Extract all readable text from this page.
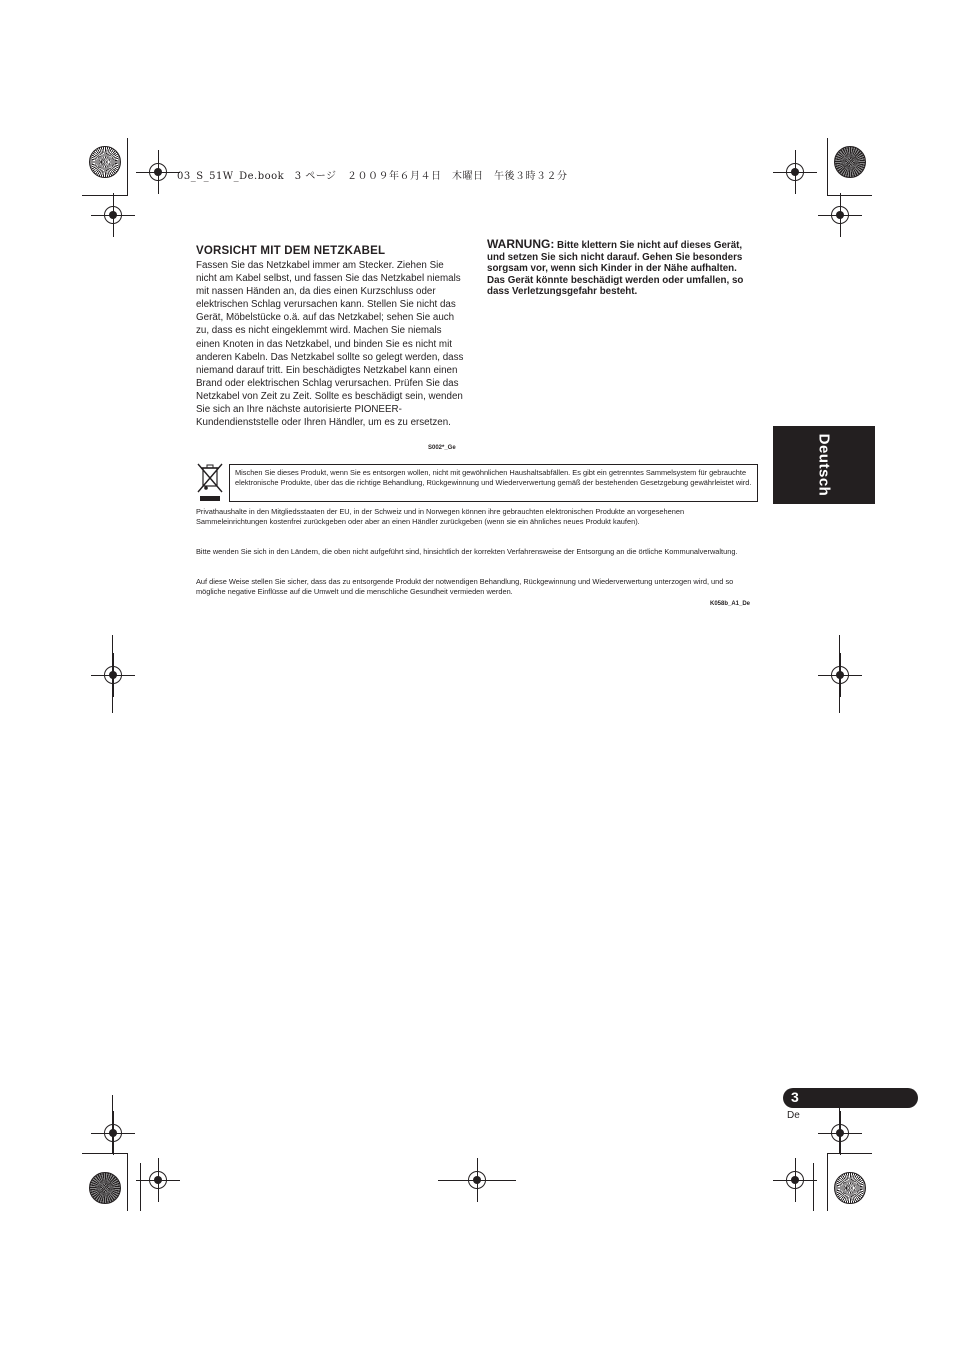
03_S_51W_De.book　3 ページ　２００９年６月４日　木曜日　午後３時３２分
VORSICHT MIT DEM NETZKABEL
Fassen Sie das Netzkabel immer am Stecker. Ziehen Sie nicht am Kabel selbst, und fassen Sie das Netzkabel niemals mit nassen Händen an, da dies einen Kurzschluss oder elektrischen Schlag verursachen kann. Stellen Sie nicht das Gerät, Möbelstücke o.ä. auf das Netzkabel; sehen Sie auch zu, dass es nicht eingeklemmt wird. Machen Sie niemals einen Knoten in das Netzkabel, und binden Sie es nicht mit anderen Kabeln. Das Netzkabel sollte so gelegt werden, dass niemand darauf tritt. Ein beschädigtes Netzkabel kann einen Brand oder elektrischen Schlag verursachen. Prüfen Sie das Netzkabel von Zeit zu Zeit. Sollte es beschädigt sein, wenden Sie sich an Ihre nächste autorisierte PIONEER-Kundendienststelle oder Ihren Händler, um es zu ersetzen.
S002*_Ge
WARNUNG: Bitte klettern Sie nicht auf dieses Gerät, und setzen Sie sich nicht darauf. Gehen Sie besonders sorgsam vor, wenn sich Kinder in der Nähe aufhalten. Das Gerät könnte beschädigt werden oder umfallen, so dass Verletzungsgefahr besteht.
Mischen Sie dieses Produkt, wenn Sie es entsorgen wollen, nicht mit gewöhnlichen Haushaltsabfällen. Es gibt ein getrenntes Sammelsystem für gebrauchte elektronische Produkte, über das die richtige Behandlung, Rückgewinnung und Wiederverwertung gemäß der bestehenden Gesetzgebung gewährleistet wird.
Privathaushalte in den Mitgliedsstaaten der EU, in der Schweiz und in Norwegen können ihre gebrauchten elektronischen Produkte an vorgesehenen Sammeleinrichtungen kostenfrei zurückgeben oder aber an einen Händler zurückgeben (wenn sie ein ähnliches neues Produkt kaufen).
Bitte wenden Sie sich in den Ländern, die oben nicht aufgeführt sind, hinsichtlich der korrekten Verfahrensweise der Entsorgung an die örtliche Kommunalverwaltung.
Auf diese Weise stellen Sie sicher, dass das zu entsorgende Produkt der notwendigen Behandlung, Rückgewinnung und Wiederverwertung unterzogen wird, und so mögliche negative Einflüsse auf die Umwelt und die menschliche Gesundheit vermieden werden.
K058b_A1_De
Deutsch
3
De
